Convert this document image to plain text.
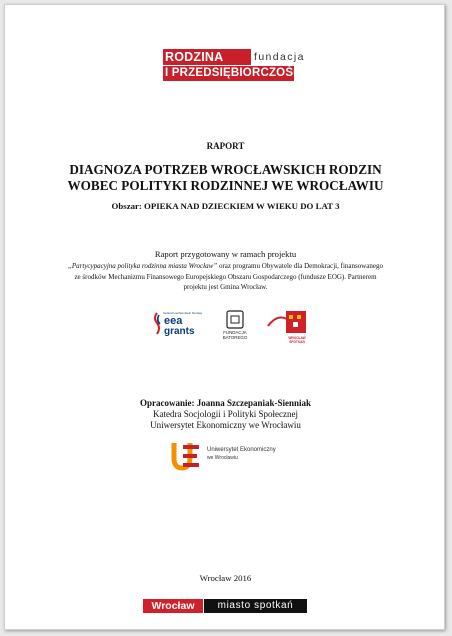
RODZINA	fundacja
I PRZEDSIĘBIORCZOŚĆ
RAPORT
DIAGNOZA POTRZEB WROCŁAWSKICH RODZIN
WOBEC POLITYKI RODZINNEJ WE WROCŁAWIU
Obszar: OPIEKA NAD DZIECKIEM W WIEKU DO LAT 3
Raport przygotowany w ramach projektu
„Partycypacyjna polityka rodzinna miasta Wrocław” oraz programu Obywatele dla Demokracji, finansowanego ze środków Mechanizmu Finansowego Europejskiego Obszaru Gospodarczego (fundusze EOG). Partnerem projektu jest Gmina Wrocław.
Iceland Liechtenstein Norway
eea
grants	FUNDACJA
BATOREGO	WROCŁAW SPOTKAŃ
Opracowanie: Joanna Szczepaniak-Sienniak
Katedra Socjologii i Polityki Społecznej
Uniwersytet Ekonomiczny we Wrocławiu
Uniwersytet Ekonomiczny
we Wrocławiu
Wrocław 2016
Wrocław	miasto spotkań
